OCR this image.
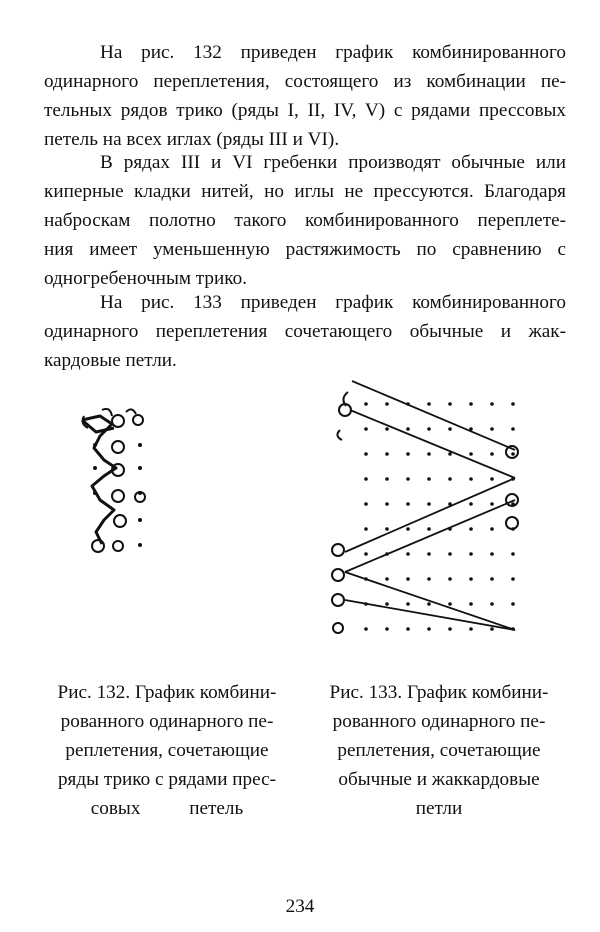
На рис. 132 приведен график комбинированного
одинарного переплетения, состоящего из комбинации пе-
тельных рядов трико (ряды I, II, IV, V) с рядами прессовых
петель на всех иглах (ряды III и VI).
В рядах III и VI гребенки производят обычные или
киперные кладки нитей, но иглы не прессуются. Благодаря
наброскам полотно такого комбинированного переплете-
ния имеет уменьшенную растяжимость по сравнению с
одногребеночным трико.
На рис. 133 приведен график комбинированного
одинарного переплетения сочетающего обычные и жак-
кардовые петли.
Рис. 132. График комбини-
рованного одинарного пе-
реплетения, сочетающие
ряды трико с рядами прес-
совых петель
Рис. 133. График комбини-
рованного одинарного пе-
реплетения, сочетающие
обычные и жаккардовые
петли
234
